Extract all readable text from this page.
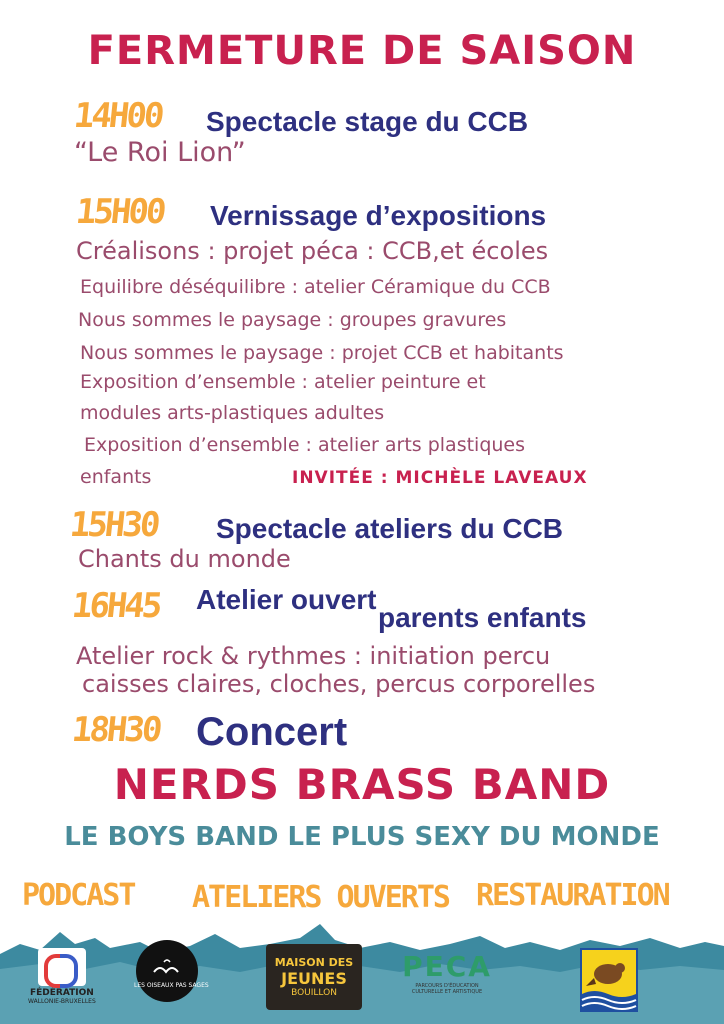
FERMETURE DE SAISON
14H00 Spectacle stage du CCB
“Le Roi Lion”
15H00 Vernissage d’expositions
Créalisons : projet péca : CCB,et écoles
Equilibre déséquilibre : atelier Céramique du CCB
Nous sommes le paysage : groupes gravures
Nous sommes le paysage : projet CCB et habitants
Exposition d’ensemble : atelier peinture et
modules arts-plastiques adultes
Exposition d’ensemble : atelier arts plastiques
enfants	INVITÉE : MICHÈLE LAVEAUX
15H30 Spectacle ateliers du CCB
Chants du monde
16H45 Atelier ouvert
parents enfants
Atelier rock & rythmes : initiation percu
caisses claires, cloches, percus corporelles
18H30 Concert
NERDS BRASS BAND
LE BOYS BAND LE PLUS SEXY DU MONDE
PODCAST ATELIERS OUVERTS RESTAURATION
FÉDÉRATION
WALLONIE-BRUXELLES
LES OISEAUX PAS SAGES
MAISON DES
JEUNES
BOUILLON
PECA
PARCOURS D'ÉDUCATION CULTURELLE ET ARTISTIQUE
